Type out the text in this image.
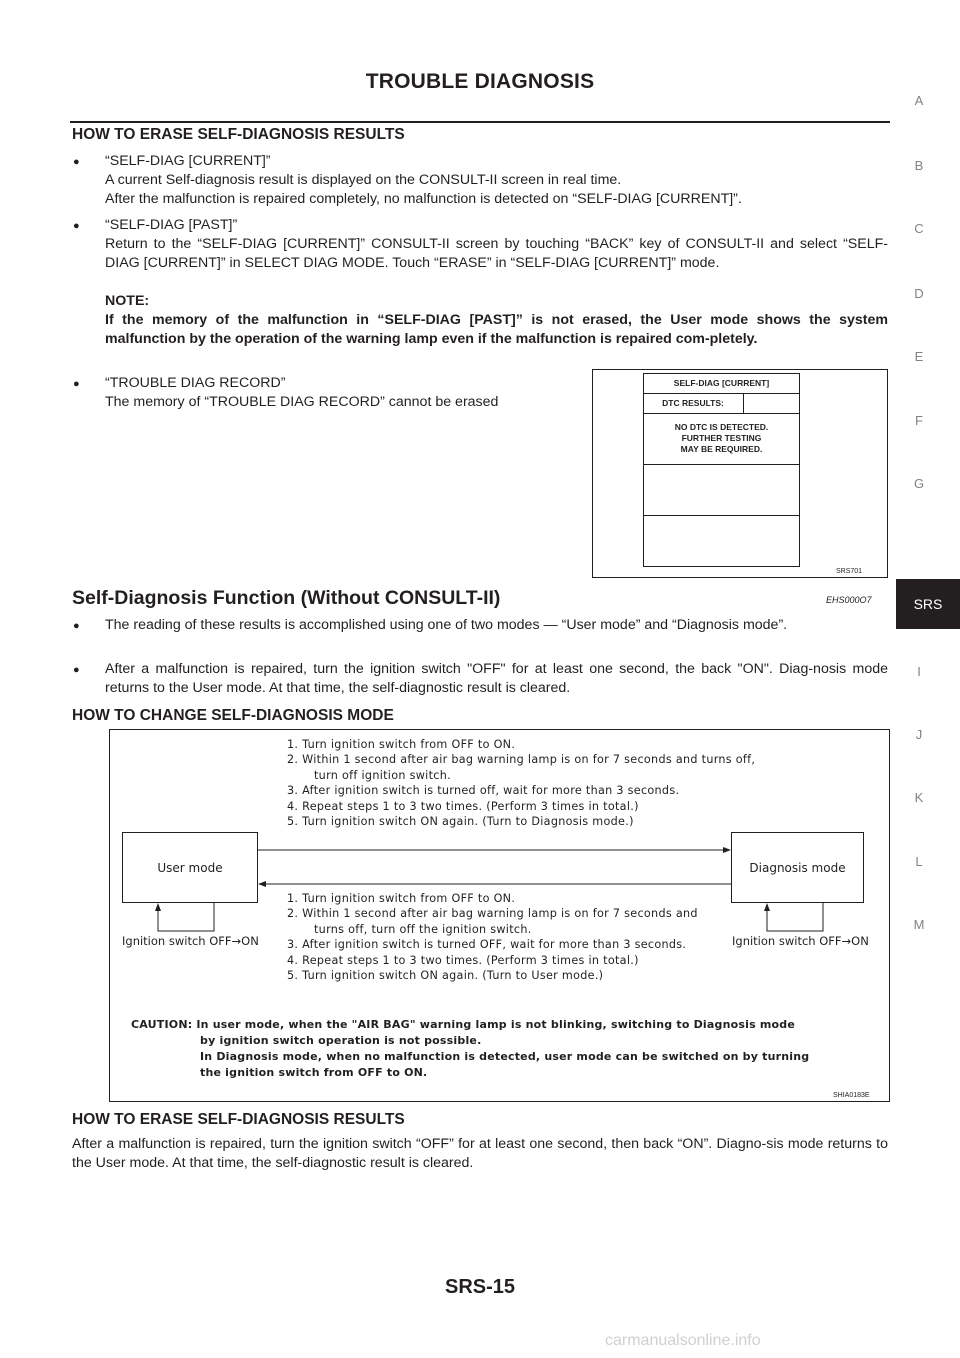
TROUBLE DIAGNOSIS
A
B
C
D
E
F
G
SRS
I
J
K
L
M
HOW TO ERASE SELF-DIAGNOSIS RESULTS
● “SELF-DIAG [CURRENT]”
A current Self-diagnosis result is displayed on the CONSULT-II screen in real time.
After the malfunction is repaired completely, no malfunction is detected on “SELF-DIAG [CURRENT]”.
● “SELF-DIAG [PAST]”
Return to the “SELF-DIAG [CURRENT]” CONSULT-II screen by touching “BACK” key of CONSULT-II and select “SELF-DIAG [CURRENT]” in SELECT DIAG MODE. Touch “ERASE” in “SELF-DIAG [CURRENT]” mode.
NOTE:
If the memory of the malfunction in “SELF-DIAG [PAST]” is not erased, the User mode shows the system malfunction by the operation of the warning lamp even if the malfunction is repaired com-pletely.
● “TROUBLE DIAG RECORD”
The memory of “TROUBLE DIAG RECORD” cannot be erased
SELF-DIAG [CURRENT]
DTC RESULTS:
NO DTC IS DETECTED.
FURTHER TESTING
MAY BE REQUIRED.
SRS701
Self-Diagnosis Function (Without CONSULT-II)	EHS000O7
● The reading of these results is accomplished using one of two modes — “User mode” and “Diagnosis mode”.
● After a malfunction is repaired, turn the ignition switch "OFF" for at least one second, the back "ON". Diag-nosis mode returns to the User mode. At that time, the self-diagnostic result is cleared.
HOW TO CHANGE SELF-DIAGNOSIS MODE
User mode	Diagnosis mode
1. Turn ignition switch from OFF to ON.
2. Within 1 second after air bag warning lamp is on for 7 seconds and turns off,
turn off ignition switch.
3. After ignition switch is turned off, wait for more than 3 seconds.
4. Repeat steps 1 to 3 two times. (Perform 3 times in total.)
5. Turn ignition switch ON again. (Turn to Diagnosis mode.)
1. Turn ignition switch from OFF to ON.
2. Within 1 second after air bag warning lamp is on for 7 seconds and
turns off, turn off the ignition switch.
3. After ignition switch is turned OFF, wait for more than 3 seconds.
4. Repeat steps 1 to 3 two times. (Perform 3 times in total.)
5. Turn ignition switch ON again. (Turn to User mode.)
Ignition switch OFF→ON	Ignition switch OFF→ON
CAUTION: In user mode, when the "AIR BAG" warning lamp is not blinking, switching to Diagnosis mode
by ignition switch operation is not possible.
In Diagnosis mode, when no malfunction is detected, user mode can be switched on by turning
the ignition switch from OFF to ON.
SHIA0183E
HOW TO ERASE SELF-DIAGNOSIS RESULTS
After a malfunction is repaired, turn the ignition switch “OFF” for at least one second, then back “ON”. Diagno-sis mode returns to the User mode. At that time, the self-diagnostic result is cleared.
SRS-15
carmanualsonline.info
